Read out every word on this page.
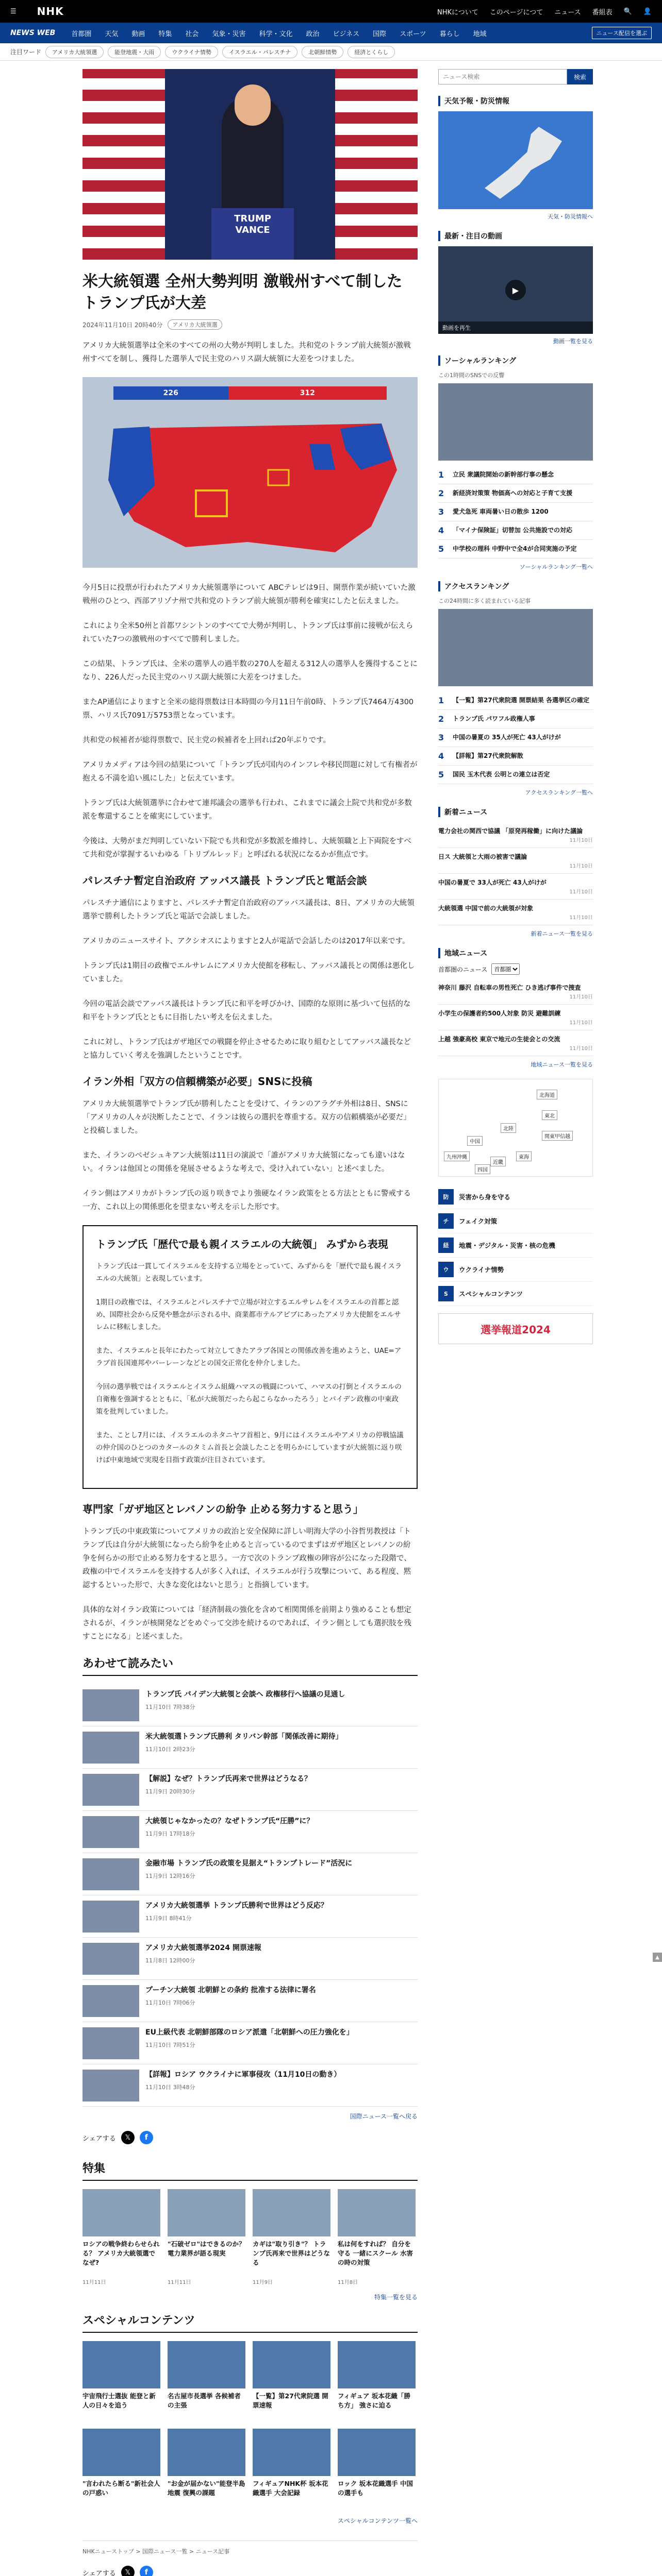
☰ NHK	NHKについて このページにつて ニュース 番組表 🔍 👤
NEWS WEB	首都圏	天気	動画	特集	社会	気象・災害	科学・文化	政治	ビジネス	国際	スポーツ	暮らし	地域	ニュース配信を選ぶ
注目ワード	アメリカ大統領選	能登地震・大雨	ウクライナ情勢	イスラエル・パレスチナ	北朝鮮情勢	経済とくらし
TRUMP VANCE
米大統領選 全州大勢判明 激戦州すべて制したトランプ氏が大差
2024年11月10日 20時40分	アメリカ大統領選

アメリカ大統領選挙は全米のすべての州の大勢が判明しました。共和党のトランプ前大統領が激戦州すべてを制し、獲得した選挙人で民主党のハリス副大統領に大差をつけました。

226	312

今月5日に投票が行われたアメリカ大統領選挙について ABCテレビは9日、開票作業が続いていた激戦州のひとつ、西部アリゾナ州で共和党のトランプ前大統領が勝利を確実にしたと伝えました。

これにより全米50州と首都ワシントンのすべてで大勢が判明し、トランプ氏は事前に接戦が伝えられていた7つの激戦州のすべてで勝利しました。

この結果、トランプ氏は、全米の選挙人の過半数の270人を超える312人の選挙人を獲得することになり、226人だった民主党のハリス副大統領に大差をつけました。

またAP通信によりますと全米の総得票数は日本時間の今月11日午前0時、トランプ氏7464万4300票、ハリス氏7091万5753票となっています。

共和党の候補者が総得票数で、民主党の候補者を上回れば20年ぶりです。

アメリカメディアは今回の結果について「トランプ氏が国内のインフレや移民問題に対して有権者が抱える不満を追い風にした」と伝えています。

トランプ氏は大統領選挙に合わせて連邦議会の選挙も行われ、これまでに議会上院で共和党が多数派を奪還することを確実にしています。

今後は、大勢がまだ判明していない下院でも共和党が多数派を維持し、大統領職と上下両院をすべて共和党が掌握するいわゆる「トリプルレッド」と呼ばれる状況になるかが焦点です。

パレスチナ暫定自治政府 アッバス議長 トランプ氏と電話会談

パレスチナ通信によりますと、パレスチナ暫定自治政府のアッバス議長は、8日、アメリカの大統領選挙で勝利したトランプ氏と電話で会談しました。

アメリカのニュースサイト、アクシオスによりますと2人が電話で会話したのは2017年以来です。

トランプ氏は1期目の政権でエルサレムにアメリカ大使館を移転し、アッバス議長との関係は悪化していました。

今回の電話会談でアッバス議長はトランプ氏に和平を呼びかけ、国際的な原則に基づいて包括的な和平をトランプ氏とともに目指したい考えを伝えました。

これに対し、トランプ氏はガザ地区での戦闘を停止させるために取り組むとしてアッバス議長などと協力していく考えを強調したということです。

イラン外相「双方の信頼構築が必要」SNSに投稿

アメリカ大統領選挙でトランプ氏が勝利したことを受けて、イランのアラグチ外相は8日、SNSに「アメリカの人々が決断したことで、イランは彼らの選択を尊重する。双方の信頼構築が必要だ」と投稿しました。

また、イランのペゼシュキアン大統領は11日の演説で「誰がアメリカ大統領になっても違いはない。イランは他国との関係を発展させるような考えで、受け入れていない」と述べました。

イラン側はアメリカがトランプ氏の返り咲きでより強硬なイラン政策をとる方法とともに警戒する一方、これ以上の関係悪化を望まない考えを示した形です。

トランプ氏「歴代で最も親イスラエルの大統領」 みずから表現

トランプ氏は一貫してイスラエルを支持する立場をとっていて、みずからを「歴代で最も親イスラエルの大統領」と表現しています。

1期目の政権では、イスラエルとパレスチナで立場が対立するエルサレムをイスラエルの首都と認め、国際社会から反発や懸念が示される中、商業都市テルアビブにあったアメリカ大使館をエルサレムに移転しました。

また、イスラエルと長年にわたって対立してきたアラブ各国との関係改善を進めようと、UAE=アラブ首長国連邦やバーレーンなどとの国交正常化を仲介しました。

今回の選挙戦ではイスラエルとイスラム組織ハマスの戦闘について、ハマスの打倒とイスラエルの自衛権を強調するとともに、「私が大統領だったら起こらなかったろう」とバイデン政権の中東政策を批判していました。

また、ことし7月には、イスラエルのネタニヤフ首相と、9月にはイスラエルやアメリカの停戦協議の仲介国のひとつのカタールのタミム首長と会談したことを明らかにしていますが大統領に返り咲けば中東地域で実現を目指す政策が注目されています。

専門家「ガザ地区とレバノンの紛争 止める努力すると思う」

トランプ氏の中東政策についてアメリカの政治と安全保障に詳しい明海大学の小谷哲男教授は「トランプ氏は自分が大統領になったら紛争を止めると言っているのでまずはガザ地区とレバノンの紛争を何らかの形で止める努力をすると思う。一方で次のトランプ政権の陣容が公になった段階で、政権の中でイスラエルを支持する人が多く入れば、イスラエルが行う攻撃について、ある程度、黙認するといった形で、大きな変化はないと思う」と指摘しています。

具体的な対イラン政策については「経済制裁の強化を含めて相関関係を前期より強めることも想定されるが、イランが核開発などをめぐって交渉を続けるのであれば、イラン側としても選択肢を残すことになる」と述べました。

あわせて読みたい
トランプ氏 バイデン大統領と会談へ 政権移行へ協議の見通し
11月10日 7時38分
米大統領選トランプ氏勝利 タリバン幹部「関係改善に期待」
11月10日 2時23分
【解説】なぜ？トランプ氏再来で世界はどうなる？
11月9日 20時30分
大統領じゃなかったの？なぜトランプ氏“圧勝”に？
11月9日 17時18分
金融市場 トランプ氏の政策を見据え“トランプトレード”活況に
11月9日 12時16分
アメリカ大統領選挙 トランプ氏勝利で世界はどう反応？
11月9日 8時41分
アメリカ大統領選挙2024 開票速報
11月8日 12時00分
プーチン大統領 北朝鮮との条約 批准する法律に署名
11月10日 7時06分
EU上級代表 北朝鮮部隊のロシア派遣「北朝鮮への圧力強化を」
11月10日 7時51分
【詳報】ロシア ウクライナに軍事侵攻（11月10日の動き）
11月10日 3時48分
国際ニュース一覧へ戻る
シェアする	𝕏	f
特集
ロシアの戦争終わらせられる？ アメリカ大統領選でなぜ?
11月11日
"石破ゼロ"はできるのか？ 電力業界が語る現実
11月11日
カギは"取り引き"？ トランプ氏再来で世界はどうなる
11月9日
私は何をすれば？ 自分を守る 一緒にスクール 水害の時の対策
11月8日
特集一覧を見る
スペシャルコンテンツ
宇宙飛行士選抜 能登と新人の日々を追う
名古屋市長選挙 各候補者の主張
【一覧】第27代衆院選 開票速報
フィギュア 坂本花織「勝ち方」 強さに迫る
"言われたら断る"新社会人の戸惑い
"お金が届かない"能登半島地震 復興の課題
フィギュアNHK杯 坂本花織選手 大会記録
ロック 坂本花織選手 中国の選手も
スペシャルコンテンツ一覧へ
NHKニューストップ > 国際ニュース一覧 > ニュース記事
シェアする	𝕏	f
ニュース検索
検索
天気予報・防災情報
天気・防災情報へ
最新・注目の動画
▶
動画を再生
動画一覧を見る
ソーシャルランキング
この1時間のSNSでの反響
1	立民 衆議院開始の新幹部行事の懸念
2	新経済対策策 物価高への対応と子育て支援
3	愛犬急死 車両暑い日の散歩 1200
4	「マイナ保険証」切替加 公共施設での対応
5	中学校の理科 中野中で全4が合同実施の予定
ソーシャルランキング一覧へ
アクセスランキング
この24時間に多く読まれている記事
1	【一覧】第27代衆院選 開票結果 各選挙区の確定
2	トランプ氏 パワフル政権人事
3	中国の暑夏の 35人が死亡 43人がけが
4	【詳報】第27代衆院解散
5	国民 玉木代表 公明との連立は否定
アクセスランキング一覧へ
新着ニュース
電力会社の関西で協議 「原発再稼働」に向けた議論
11月10日
日ス 大統領と大雨の被害で議論
11月10日
中国の暑夏で 33人が死亡 43人がけが
11月10日
大統領選 中国で前の大統領が対象
11月10日
新着ニュース一覧を見る
地域ニュース
首都圏のニュース
首都圏
神奈川 藤沢 自転車の男性死亡 ひき逃げ事件で捜査
11月10日
小学生の保護者約500人対象 防災 避難訓練
11月10日
上越 強豪高校 東京で地元の生徒会との交流
11月10日
地域ニュース一覧を見る
北海道
東北
関東甲信越
東海
近畿
中国
四国
九州沖縄
北陸
防	災害から身を守る
チ	フェイク対策
経	地震・デジタル・災害・核の危機
ウ	ウクライナ情勢
S	スペシャルコンテンツ
選挙報道2024
▲
